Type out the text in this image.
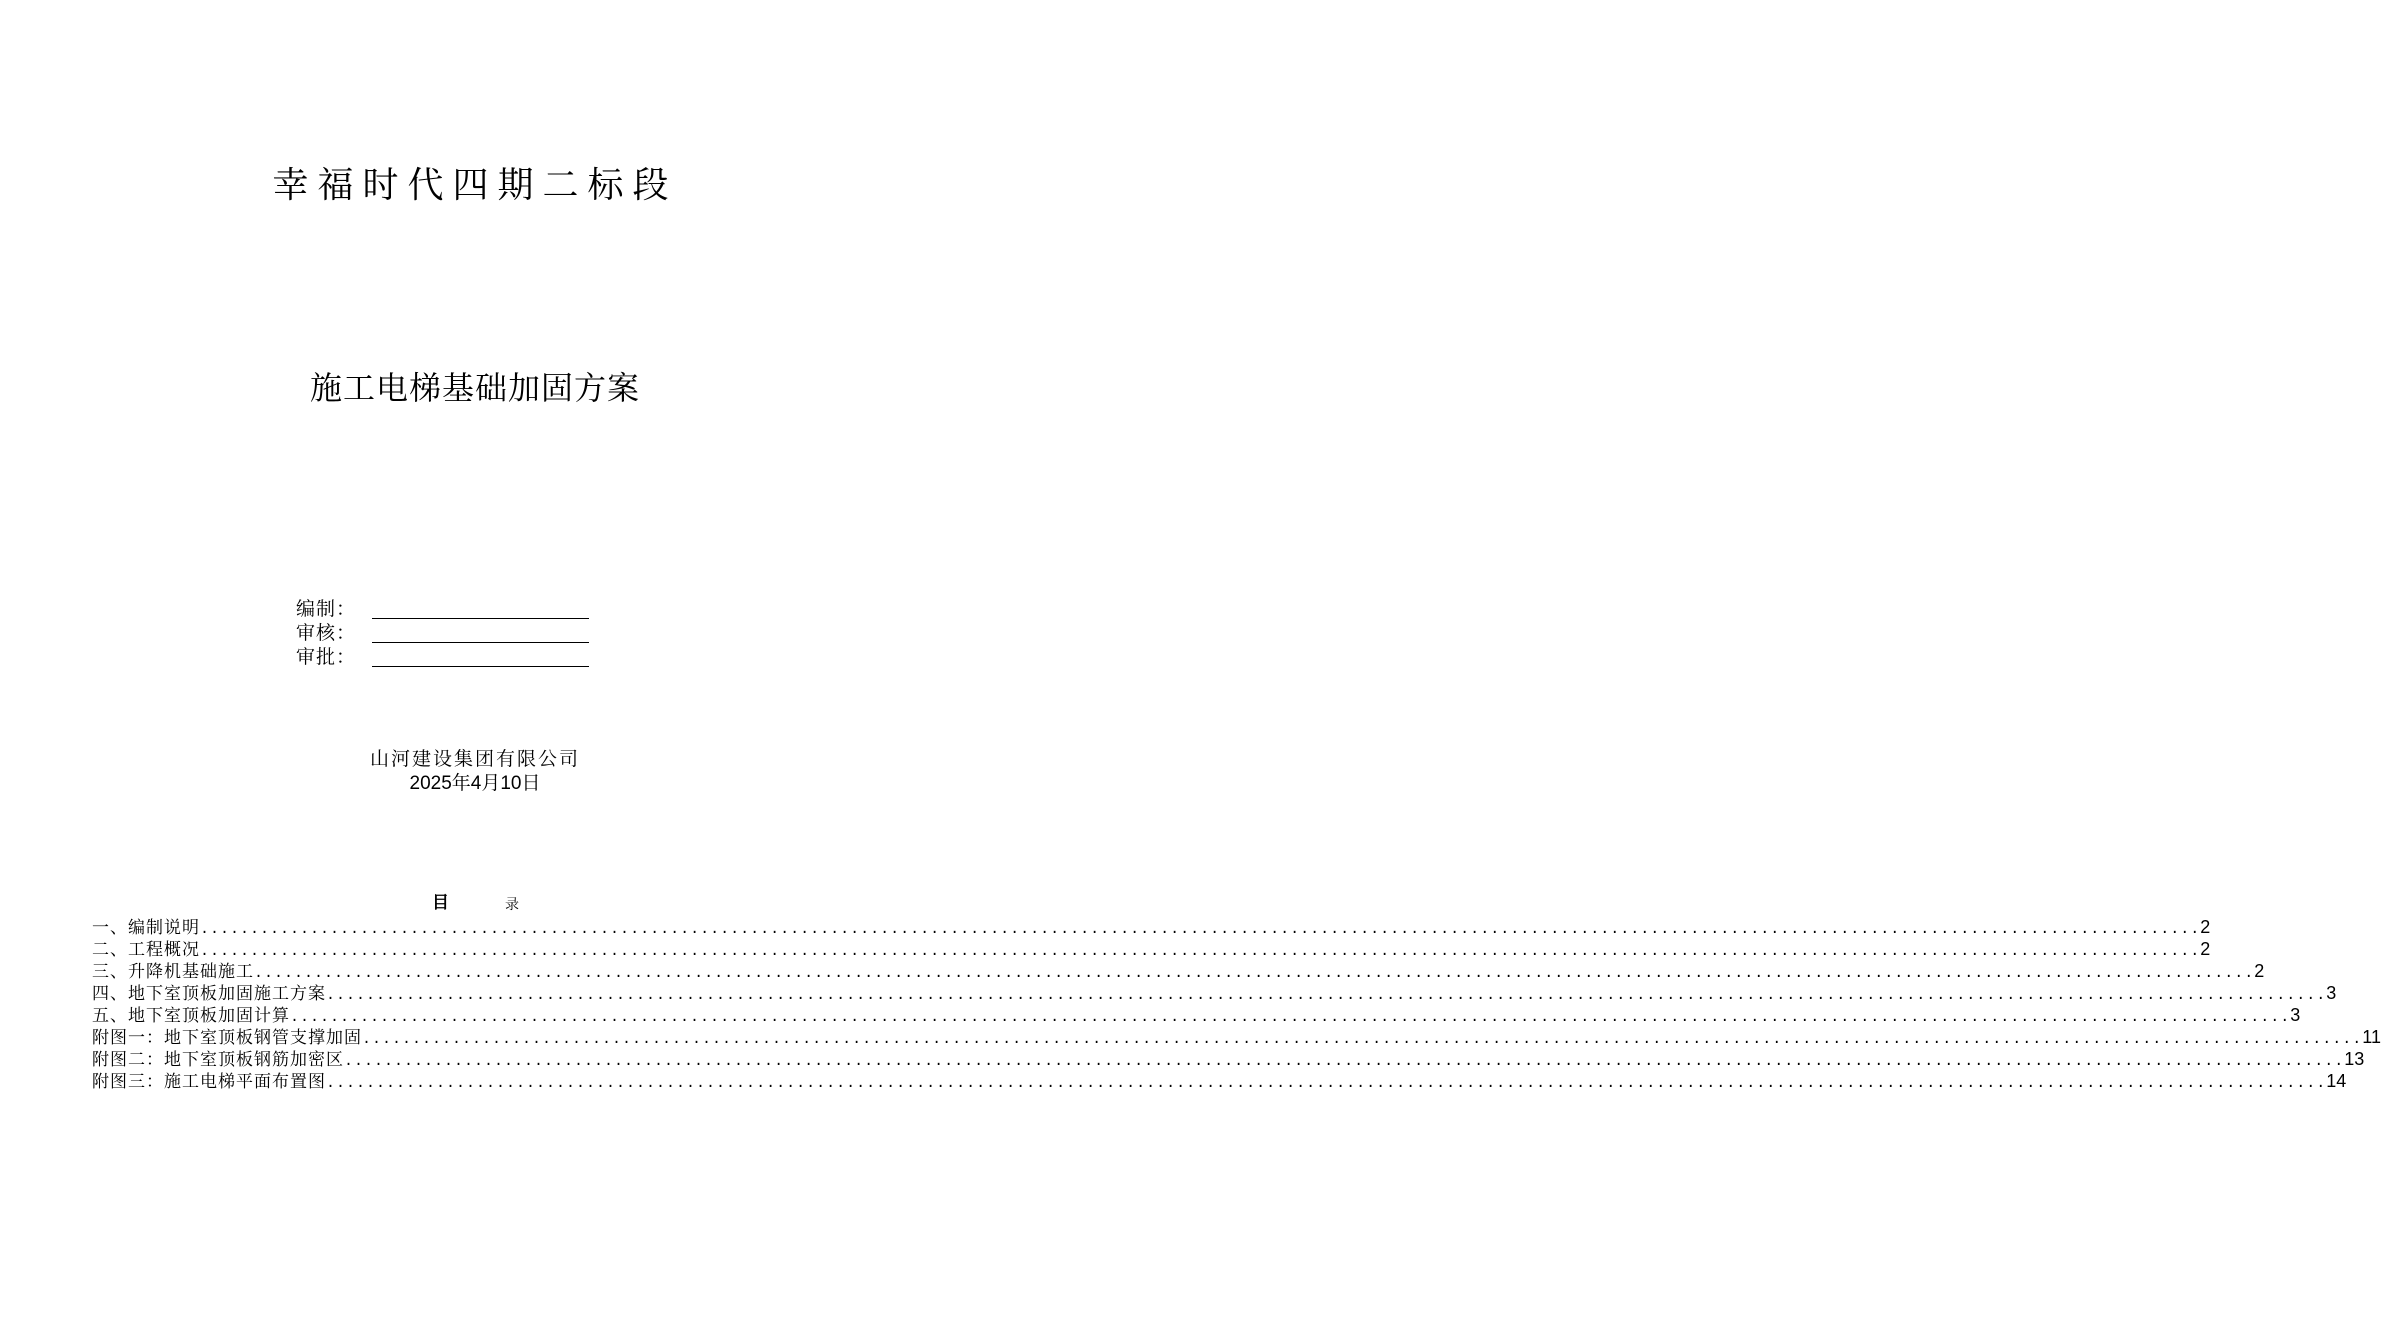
幸福时代四期二标段
施工电梯基础加固方案
编制：
审核：
审批：
山河建设集团有限公司
2025年4月10日
目	录
一、编制说明 ........................................................................................................................................................................................................ 2
二、工程概况 ........................................................................................................................................................................................................ 2
三、升降机基础施工 ........................................................................................................................................................................................................ 2
四、地下室顶板加固施工方案 ........................................................................................................................................................................................................ 3
五、地下室顶板加固计算 ........................................................................................................................................................................................................ 3
附图一：地下室顶板钢管支撑加固 ........................................................................................................................................................................................................ 11
附图二：地下室顶板钢筋加密区 ........................................................................................................................................................................................................ 13
附图三：施工电梯平面布置图 ........................................................................................................................................................................................................ 14
